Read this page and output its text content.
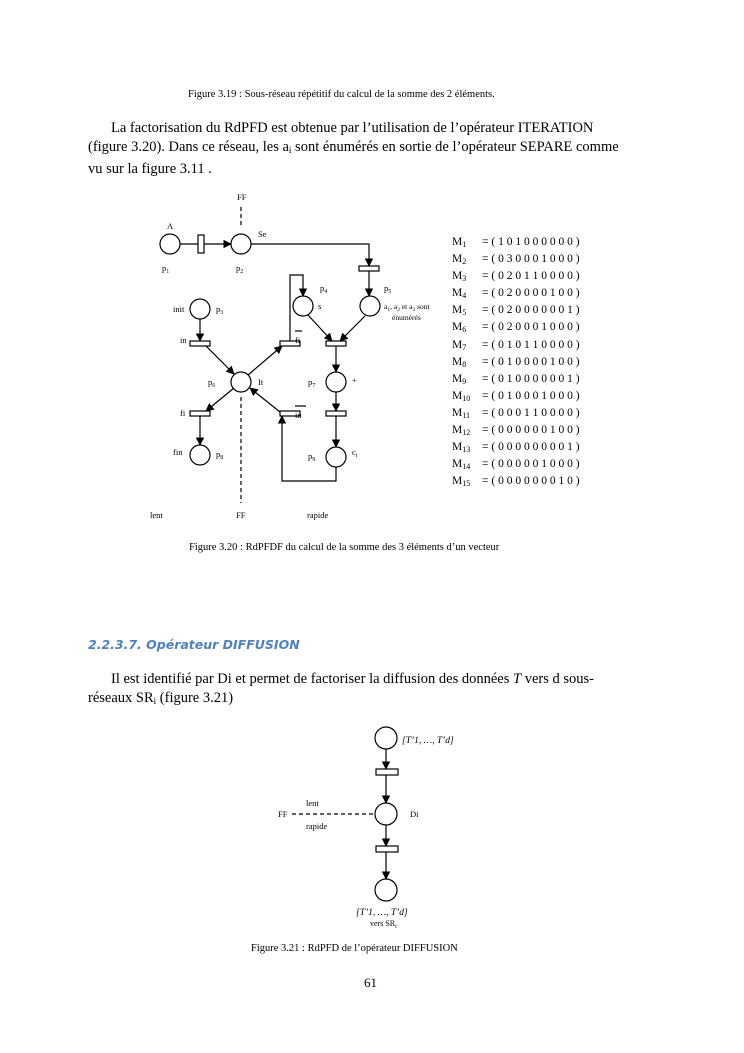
Figure 3.19 : Sous-réseau répétitif du calcul de la somme des 2 éléments.
La factorisation du RdPFD est obtenue par l’utilisation de l’opérateur ITERATION
(figure 3.20). Dans ce réseau, les $a_i$ sont énumérés en sortie de l’opérateur SEPARE comme
vu sur la figure 3.11 .
FF
A
Se
$p_1$	$p_2$
init	$p_3$
$p_4$	$p_5$
s	$a_1$, $a_2$ et $a_3$ sont
énumérés
in	fi
It
$p_6$	$p_7$
+
fi	in
fin	$p_8$	$p_9$
$c_i$
lent	FF	rapide
M1 = ( 1 0 1 0 0 0 0 0 0 )
M2 = ( 0 3 0 0 0 1 0 0 0 )
M3 = ( 0 2 0 1 1 0 0 0 0 )
M4 = ( 0 2 0 0 0 0 1 0 0 )
M5 = ( 0 2 0 0 0 0 0 0 1 )
M6 = ( 0 2 0 0 0 1 0 0 0 )
M7 = ( 0 1 0 1 1 0 0 0 0 )
M8 = ( 0 1 0 0 0 0 1 0 0 )
M9 = ( 0 1 0 0 0 0 0 0 1 )
M10 = ( 0 1 0 0 0 1 0 0 0 )
M11 = ( 0 0 0 1 1 0 0 0 0 )
M12 = ( 0 0 0 0 0 0 1 0 0 )
M13 = ( 0 0 0 0 0 0 0 0 1 )
M14 = ( 0 0 0 0 0 1 0 0 0 )
M15 = ( 0 0 0 0 0 0 0 1 0 )
Figure 3.20 : RdPFDF du calcul de la somme des 3 éléments d’un vecteur
2.2.3.7. Opérateur DIFFUSION
Il est identifié par Di et permet de factoriser la diffusion des données T vers d sous-
réseaux $SR_i$ (figure 3.21)
[T’1, …, T’d]
lent
FF
rapide
Di
[T’1, …, T’d]
vers $SR_i$
Figure 3.21 : RdPFD de l’opérateur DIFFUSION
61
